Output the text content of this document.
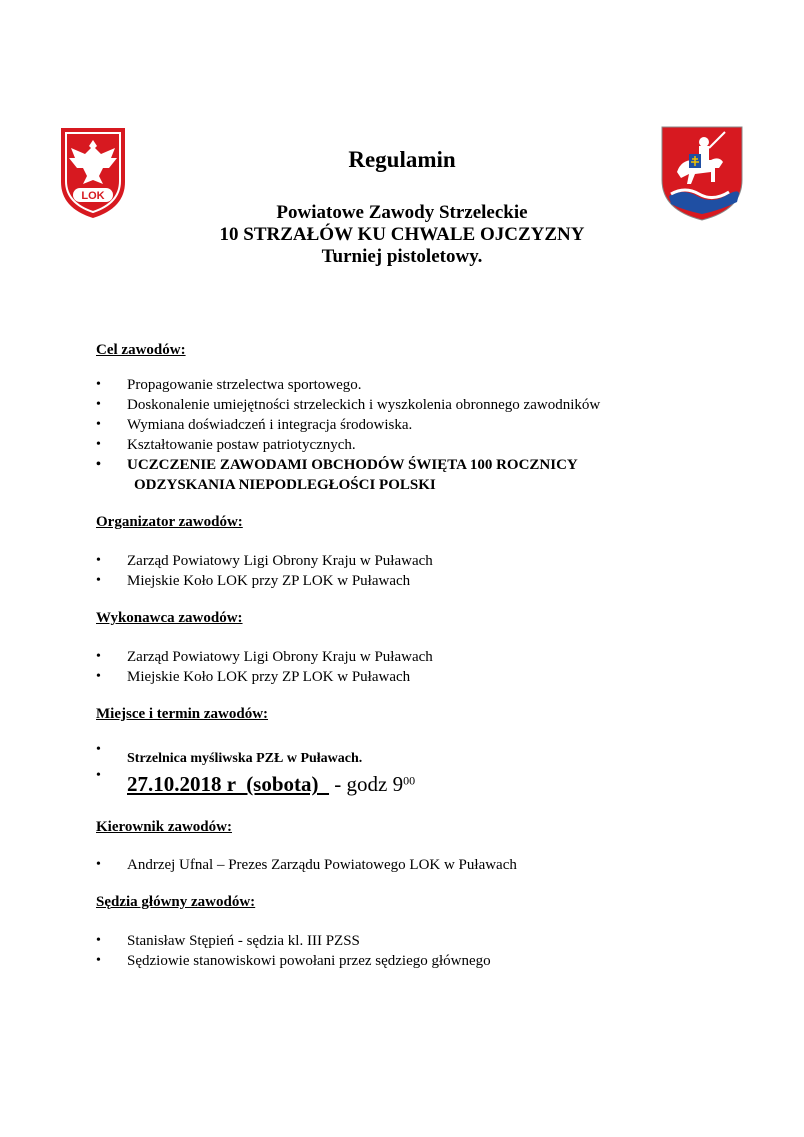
LOK
Regulamin
Powiatowe Zawody Strzeleckie
10 STRZAŁÓW KU CHWALE OJCZYZNY
Turniej pistoletowy.
Cel zawodów:
• Propagowanie strzelectwa sportowego.
• Doskonalenie umiejętności strzeleckich i wyszkolenia obronnego zawodników
• Wymiana doświadczeń i integracja środowiska.
• Kształtowanie postaw patriotycznych.
• UCZCZENIE ZAWODAMI OBCHODÓW ŚWIĘTA 100 ROCZNICY
ODZYSKANIA NIEPODLEGŁOŚCI POLSKI
Organizator zawodów:
• Zarząd Powiatowy Ligi Obrony Kraju w Puławach
• Miejskie Koło LOK przy ZP LOK w Puławach
Wykonawca zawodów:
• Zarząd Powiatowy Ligi Obrony Kraju w Puławach
• Miejskie Koło LOK przy ZP LOK w Puławach
Miejsce i termin zawodów:
•
Strzelnica myśliwska PZŁ w Puławach.
• 27.10.2018 r  (sobota)   - godz $9^{00}$
Kierownik zawodów:
• Andrzej Ufnal – Prezes Zarządu Powiatowego LOK w Puławach
Sędzia główny zawodów:
• Stanisław Stępień - sędzia kl. III PZSS
• Sędziowie stanowiskowi powołani przez sędziego głównego
